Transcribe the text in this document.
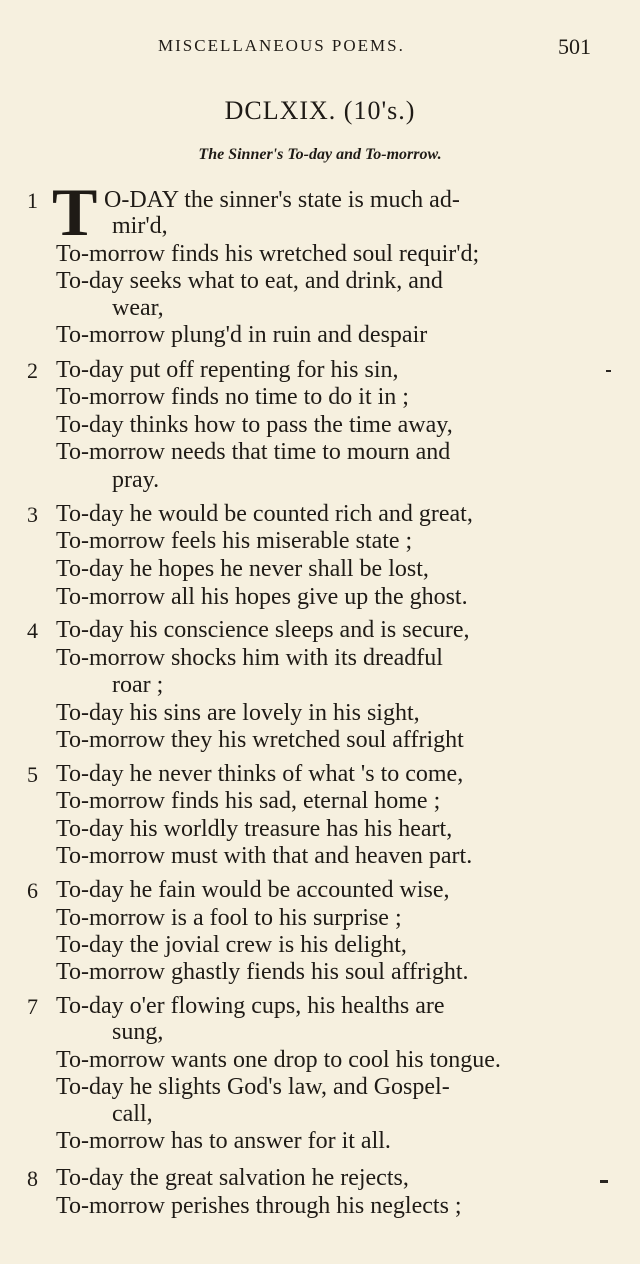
MISCELLANEOUS POEMS.	501
DCLXIX. (10's.)
The Sinner's To-day and To-morrow.
1 T O-DAY the sinner's state is much ad-
mir'd,
To-morrow finds his wretched soul requir'd;
To-day seeks what to eat, and drink, and
wear,
To-morrow plung'd in ruin and despair
2 To-day put off repenting for his sin,
To-morrow finds no time to do it in ;
To-day thinks how to pass the time away,
To-morrow needs that time to mourn and
pray.
3 To-day he would be counted rich and great,
To-morrow feels his miserable state ;
To-day he hopes he never shall be lost,
To-morrow all his hopes give up the ghost.
4 To-day his conscience sleeps and is secure,
To-morrow shocks him with its dreadful
roar ;
To-day his sins are lovely in his sight,
To-morrow they his wretched soul affright
5 To-day he never thinks of what 's to come,
To-morrow finds his sad, eternal home ;
To-day his worldly treasure has his heart,
To-morrow must with that and heaven part.
6 To-day he fain would be accounted wise,
To-morrow is a fool to his surprise ;
To-day the jovial crew is his delight,
To-morrow ghastly fiends his soul affright.
7 To-day o'er flowing cups, his healths are
sung,
To-morrow wants one drop to cool his tongue.
To-day he slights God's law, and Gospel-
call,
To-morrow has to answer for it all.
8 To-day the great salvation he rejects,
To-morrow perishes through his neglects ;
